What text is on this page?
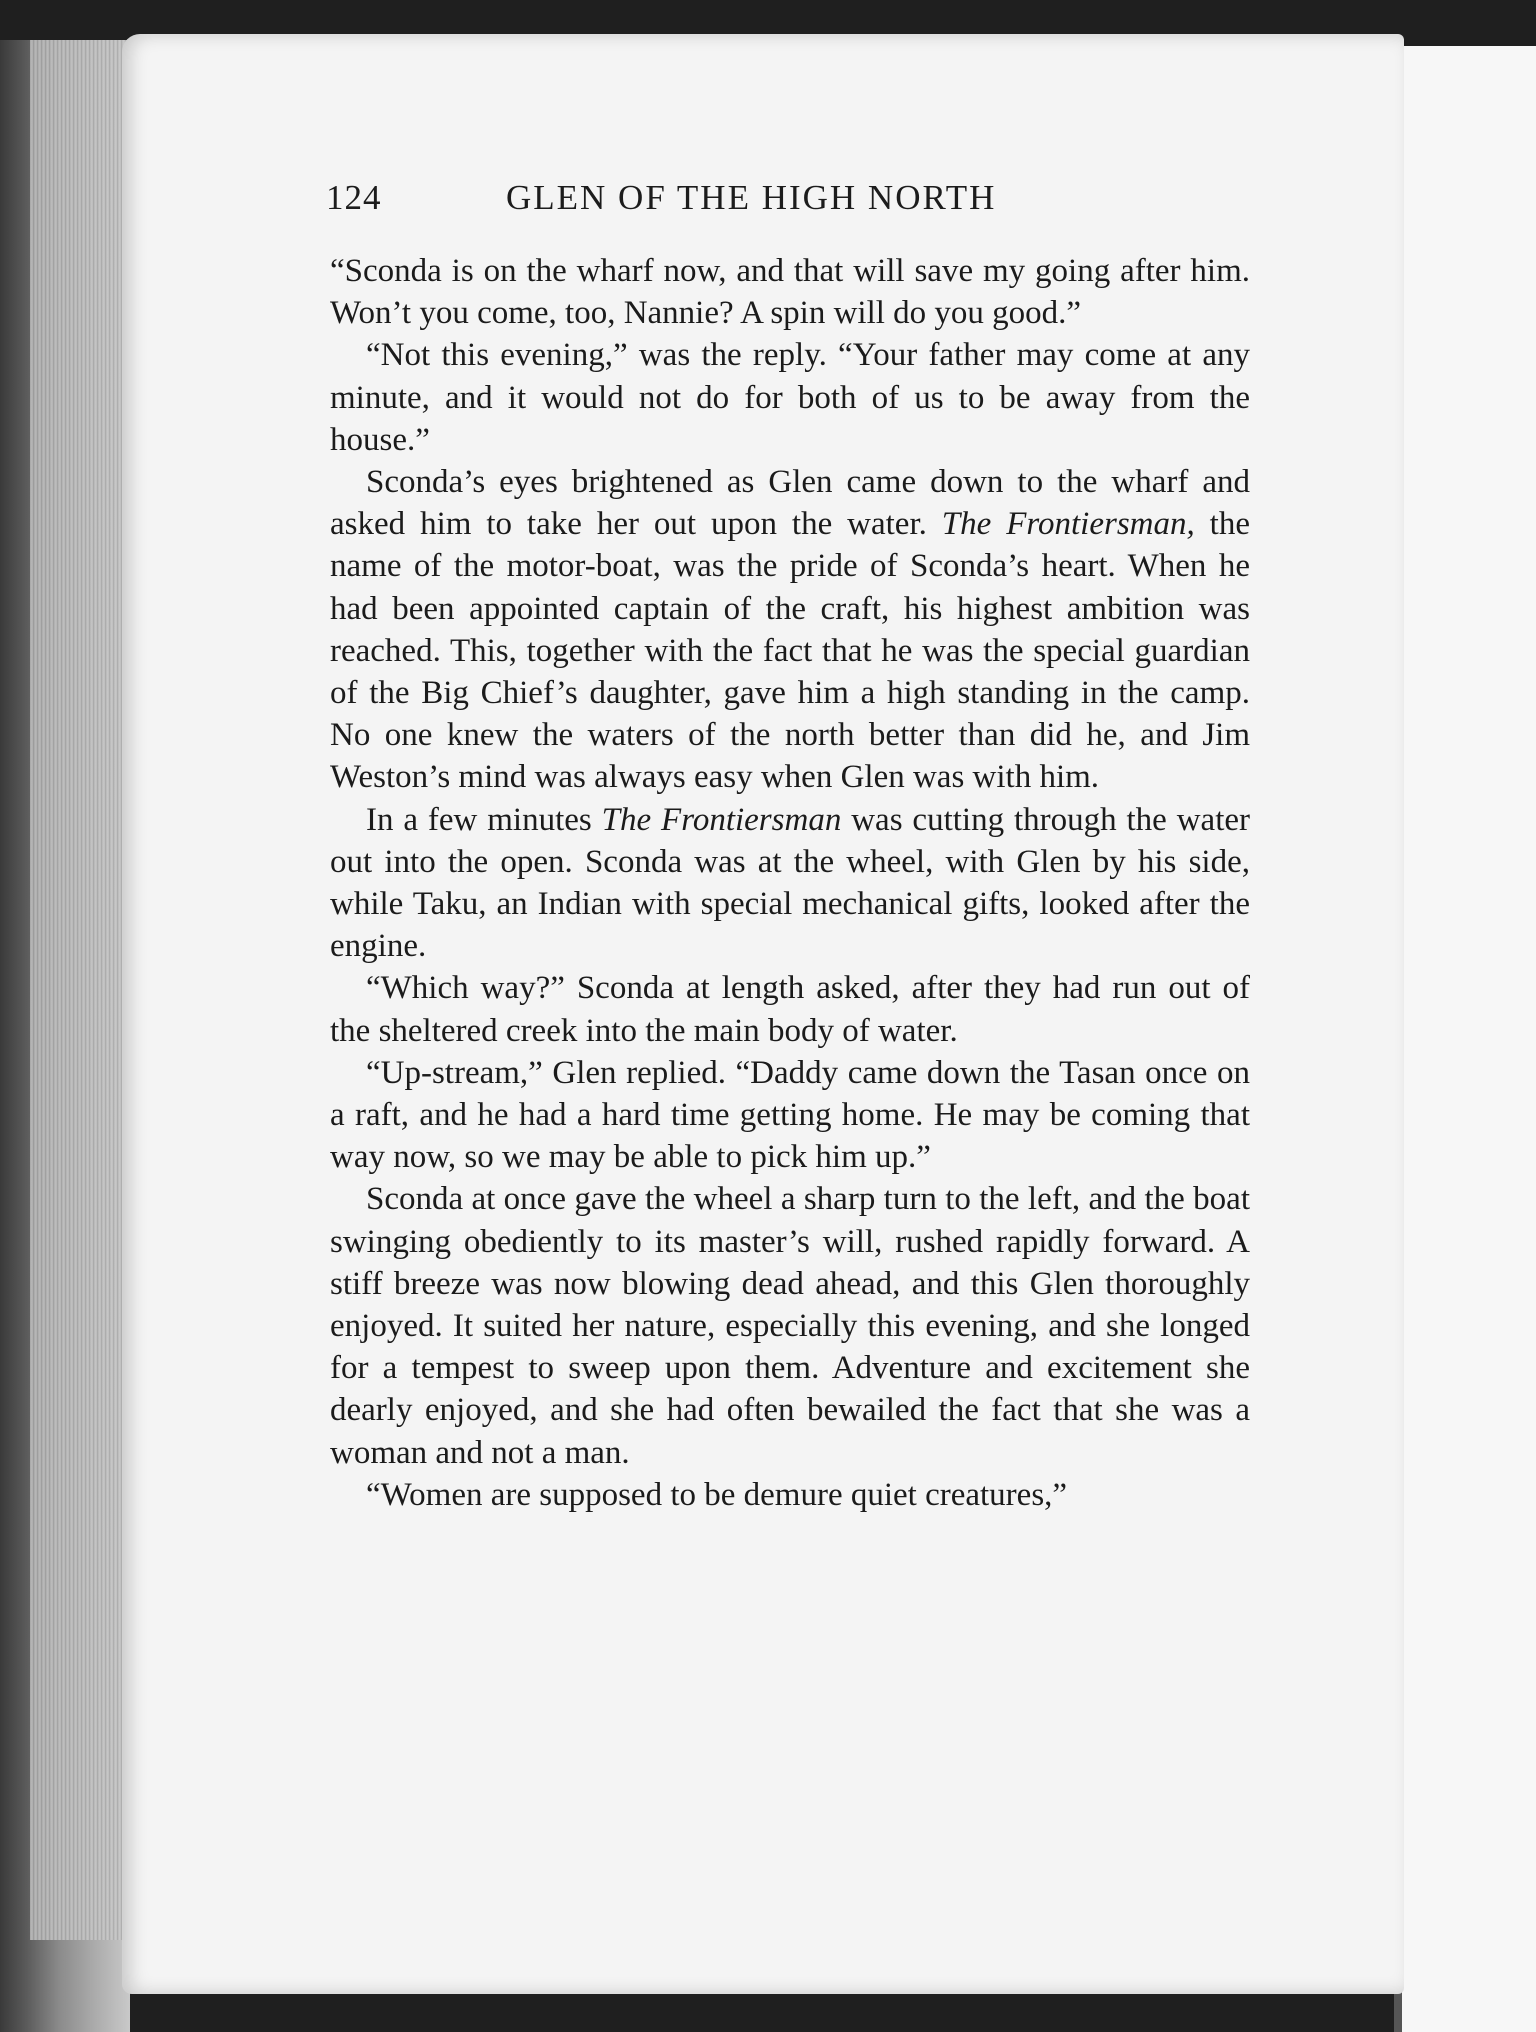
124	GLEN OF THE HIGH NORTH

“Sconda is on the wharf now, and that will save my going after him. Won’t you come, too, Nannie? A spin will do you good.”

“Not this evening,” was the reply. “Your father may come at any minute, and it would not do for both of us to be away from the house.”

Sconda’s eyes brightened as Glen came down to the wharf and asked him to take her out upon the water. The Frontiersman, the name of the motor-boat, was the pride of Sconda’s heart. When he had been appointed captain of the craft, his highest ambition was reached. This, together with the fact that he was the special guardian of the Big Chief’s daughter, gave him a high standing in the camp. No one knew the waters of the north better than did he, and Jim Weston’s mind was always easy when Glen was with him.

In a few minutes The Frontiersman was cutting through the water out into the open. Sconda was at the wheel, with Glen by his side, while Taku, an Indian with special mechanical gifts, looked after the engine.

“Which way?” Sconda at length asked, after they had run out of the sheltered creek into the main body of water.

“Up-stream,” Glen replied. “Daddy came down the Tasan once on a raft, and he had a hard time getting home. He may be coming that way now, so we may be able to pick him up.”

Sconda at once gave the wheel a sharp turn to the left, and the boat swinging obediently to its master’s will, rushed rapidly forward. A stiff breeze was now blowing dead ahead, and this Glen thoroughly enjoyed. It suited her nature, especially this evening, and she longed for a tempest to sweep upon them. Adventure and excitement she dearly enjoyed, and she had often bewailed the fact that she was a woman and not a man.

“Women are supposed to be demure quiet creatures,”
